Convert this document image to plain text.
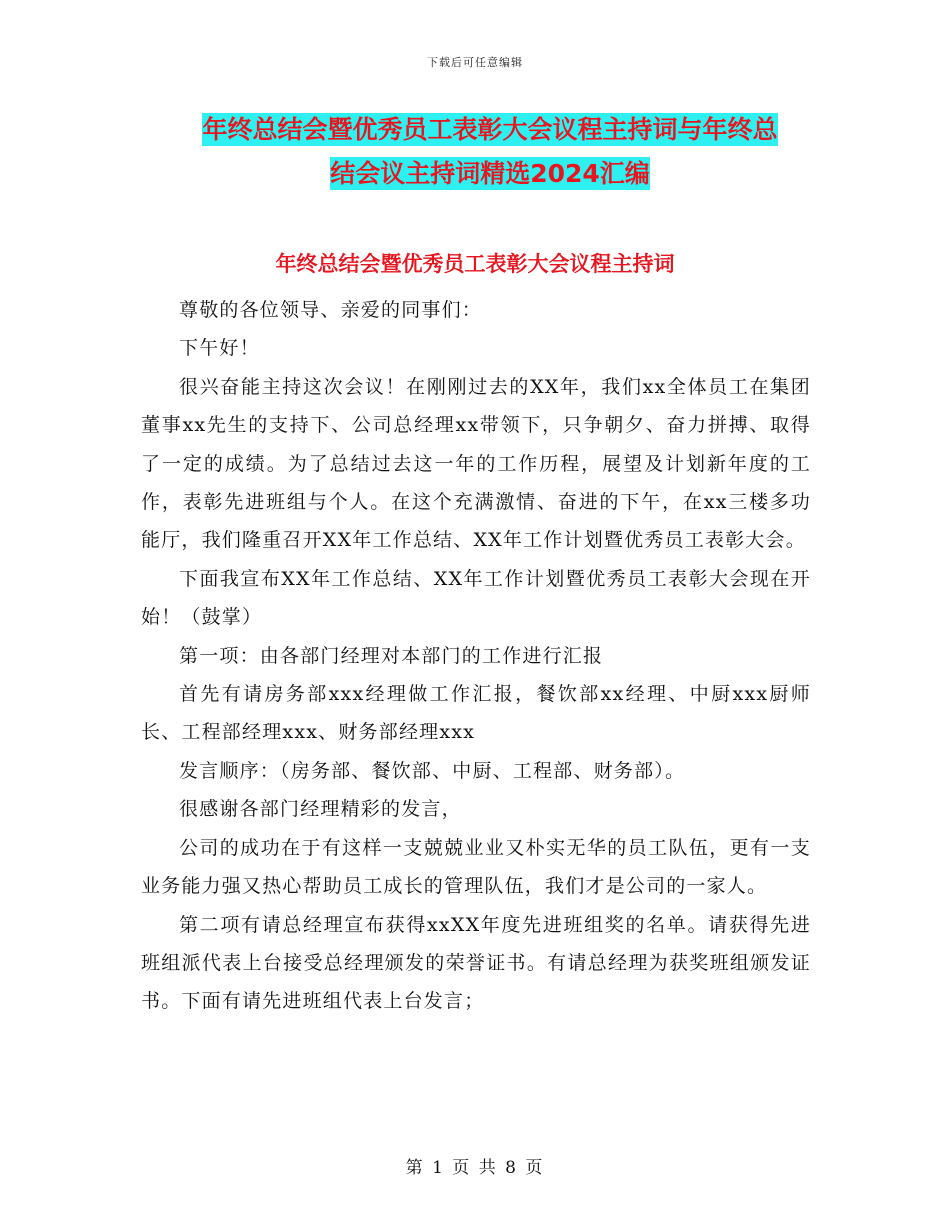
下载后可任意编辑
年终总结会暨优秀员工表彰大会议程主持词与年终总
结会议主持词精选2024汇编
年终总结会暨优秀员工表彰大会议程主持词

尊敬的各位领导、亲爱的同事们：

下午好！

很兴奋能主持这次会议！在刚刚过去的XX年，我们xx全体员工在集团董事xx先生的支持下、公司总经理xx带领下，只争朝夕、奋力拼搏、取得了一定的成绩。为了总结过去这一年的工作历程，展望及计划新年度的工作，表彰先进班组与个人。在这个充满激情、奋进的下午，在xx三楼多功能厅，我们隆重召开XX年工作总结、XX年工作计划暨优秀员工表彰大会。

下面我宣布XX年工作总结、XX年工作计划暨优秀员工表彰大会现在开始！（鼓掌）

第一项：由各部门经理对本部门的工作进行汇报

首先有请房务部xxx经理做工作汇报，餐饮部xx经理、中厨xxx厨师长、工程部经理xxx、财务部经理xxx

发言顺序：（房务部、餐饮部、中厨、工程部、财务部）。

很感谢各部门经理精彩的发言，

公司的成功在于有这样一支兢兢业业又朴实无华的员工队伍，更有一支业务能力强又热心帮助员工成长的管理队伍，我们才是公司的一家人。

第二项有请总经理宣布获得xxXX年度先进班组奖的名单。请获得先进班组派代表上台接受总经理颁发的荣誉证书。有请总经理为获奖班组颁发证书。下面有请先进班组代表上台发言；

第 1 页 共 8 页
